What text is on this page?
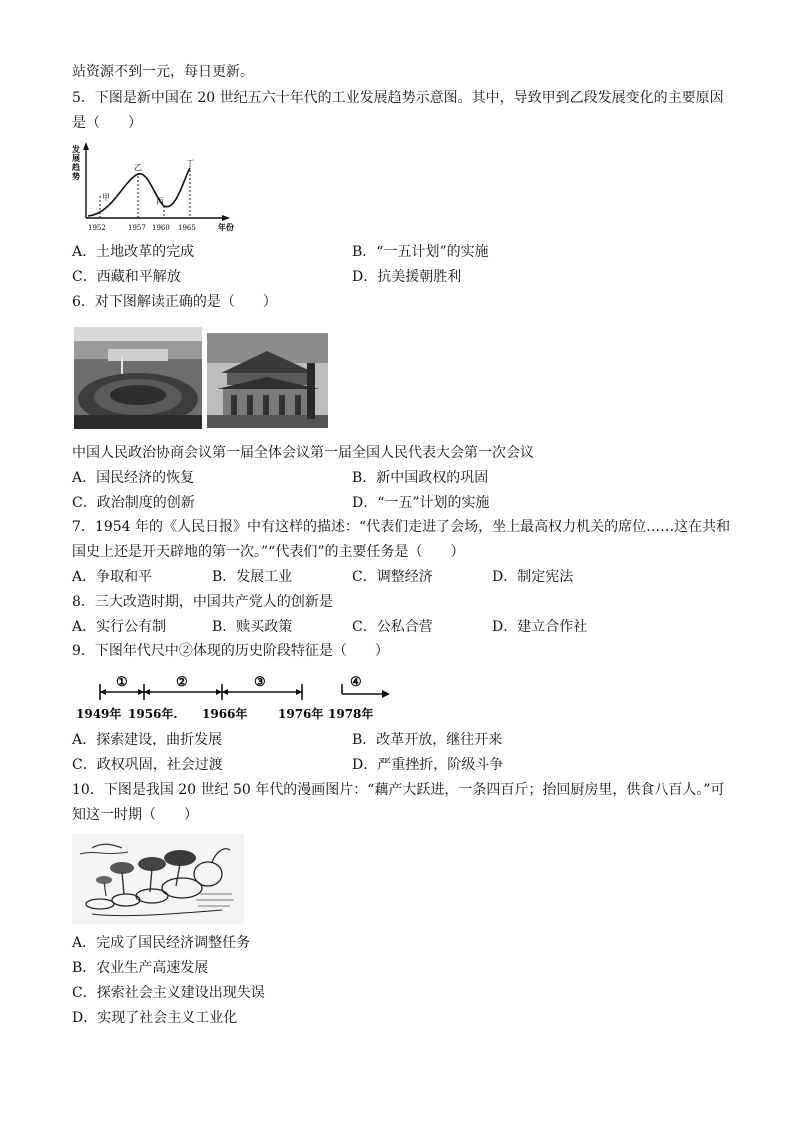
站资源不到一元，每日更新。
5．下图是新中国在 20 世纪五六十年代的工业发展趋势示意图。其中，导致甲到乙段发展变化的主要原因
是（　　）
发展趋势
年份
甲
乙
丙
丁
1952	1957 1960 1965
A．土地改革的完成	B．“一五计划”的实施
C．西藏和平解放	D．抗美援朝胜利
6．对下图解读正确的是（　　）
中国人民政治协商会议第一届全体会议第一届全国人民代表大会第一次会议
A．国民经济的恢复	B．新中国政权的巩固
C．政治制度的创新	D．“一五”计划的实施
7．1954 年的《人民日报》中有这样的描述：“代表们走进了会场，坐上最高权力机关的席位……这在共和
国史上还是开天辟地的第一次。”“代表们”的主要任务是（　　）
A．争取和平	B．发展工业	C．调整经济	D．制定宪法
8．三大改造时期，中国共产党人的创新是
A．实行公有制	B．赎买政策	C．公私合营	D．建立合作社
9．下图年代尺中②体现的历史阶段特征是（　　）
①	②	③	④
1949年 1956年. 1966年	1976年 1978年
A．探索建设，曲折发展	B．改革开放，继往开来
C．政权巩固，社会过渡	D．严重挫折，阶级斗争
10．下图是我国 20 世纪 50 年代的漫画图片：“藕产大跃进，一条四百斤；抬回厨房里，供食八百人。”可
知这一时期（　　）
A．完成了国民经济调整任务
B．农业生产高速发展
C．探索社会主义建设出现失误
D．实现了社会主义工业化
